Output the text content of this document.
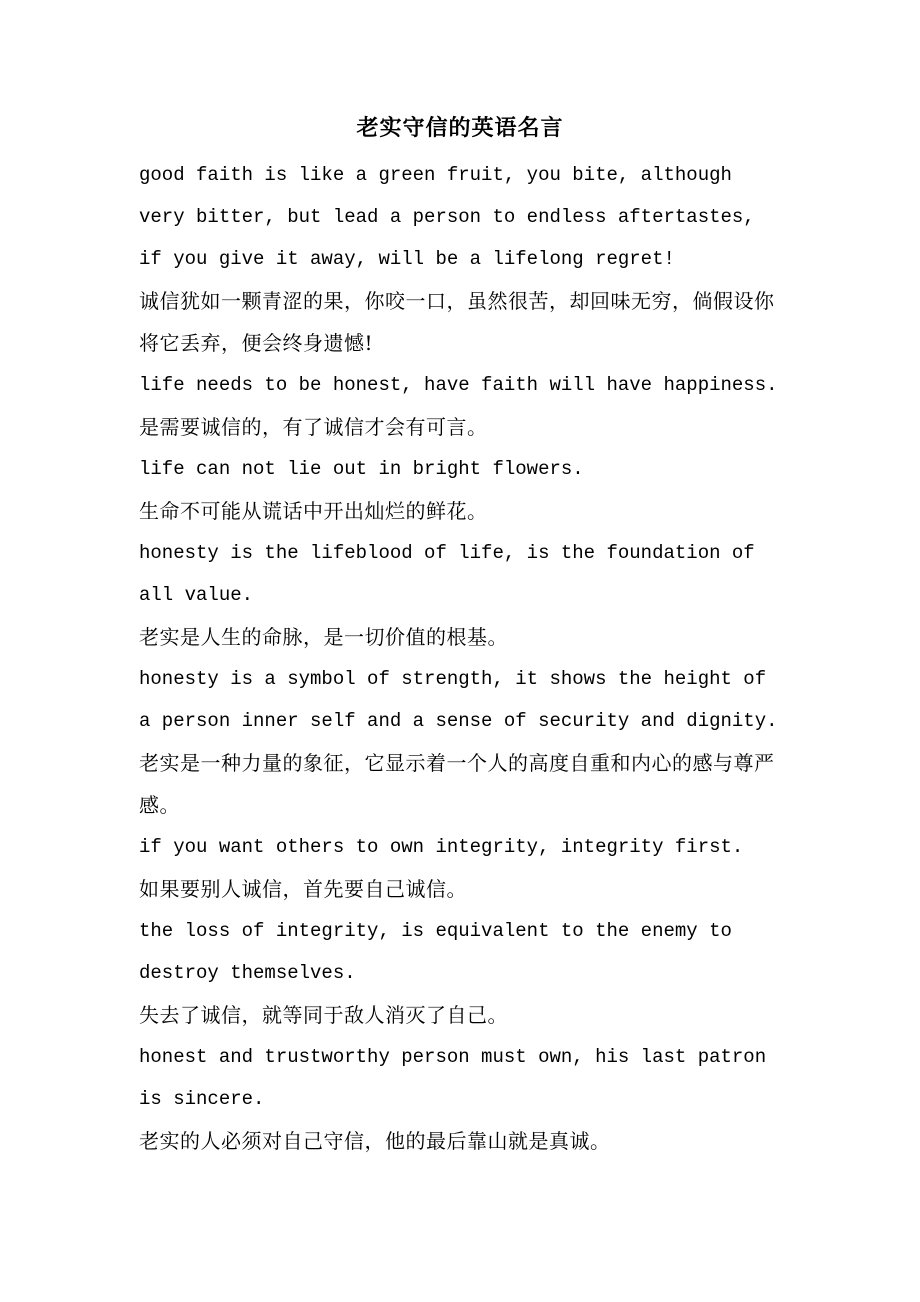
老实守信的英语名言

good faith is like a green fruit, you bite, although very bitter, but lead a person to endless aftertastes, if you give it away, will be a lifelong regret!

诚信犹如一颗青涩的果，你咬一口，虽然很苦，却回味无穷，倘假设你将它丢弃，便会终身遗憾!

life needs to be honest, have faith will have happiness.

是需要诚信的，有了诚信才会有可言。

life can not lie out in bright flowers.

生命不可能从谎话中开出灿烂的鲜花。

honesty is the lifeblood of life, is the foundation of all value.

老实是人生的命脉，是一切价值的根基。

honesty is a symbol of strength, it shows the height of a person inner self and a sense of security and dignity.

老实是一种力量的象征，它显示着一个人的高度自重和内心的感与尊严感。

if you want others to own integrity, integrity first.

如果要别人诚信，首先要自己诚信。

the loss of integrity, is equivalent to the enemy to destroy themselves.

失去了诚信，就等同于敌人消灭了自己。

honest and trustworthy person must own, his last patron is sincere.

老实的人必须对自己守信，他的最后靠山就是真诚。
